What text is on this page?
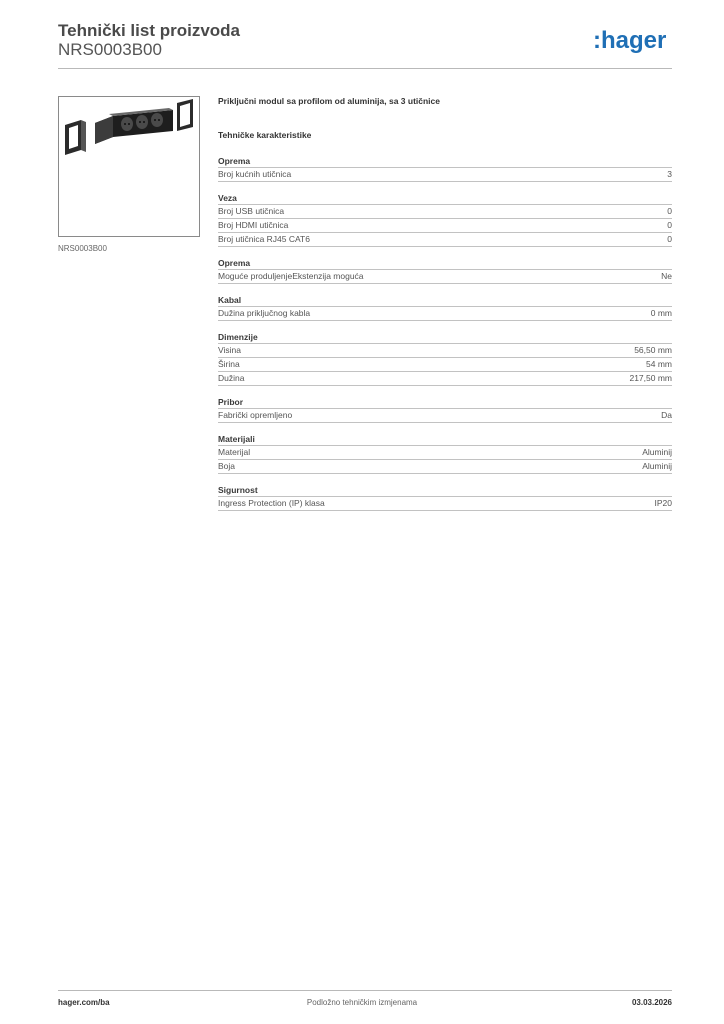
Tehnički list proizvoda
NRS0003B00	:hager
NRS0003B00
Priključni modul sa profilom od aluminija, sa 3 utičnice
Tehničke karakteristike
Oprema
Broj kućnih utičnica	3
Veza
Broj USB utičnica	0
Broj HDMI utičnica	0
Broj utičnica RJ45 CAT6	0
Oprema
Moguće produljenjeEkstenzija moguća	Ne
Kabal
Dužina priključnog kabla	0 mm
Dimenzije
Visina	56,50 mm
Širina	54 mm
Dužina	217,50 mm
Pribor
Fabrički opremljeno	Da
Materijali
Materijal	Aluminij
Boja	Aluminij
Sigurnost
Ingress Protection (IP) klasa	IP20
hager.com/ba	Podložno tehničkim izmjenama	03.03.2026
